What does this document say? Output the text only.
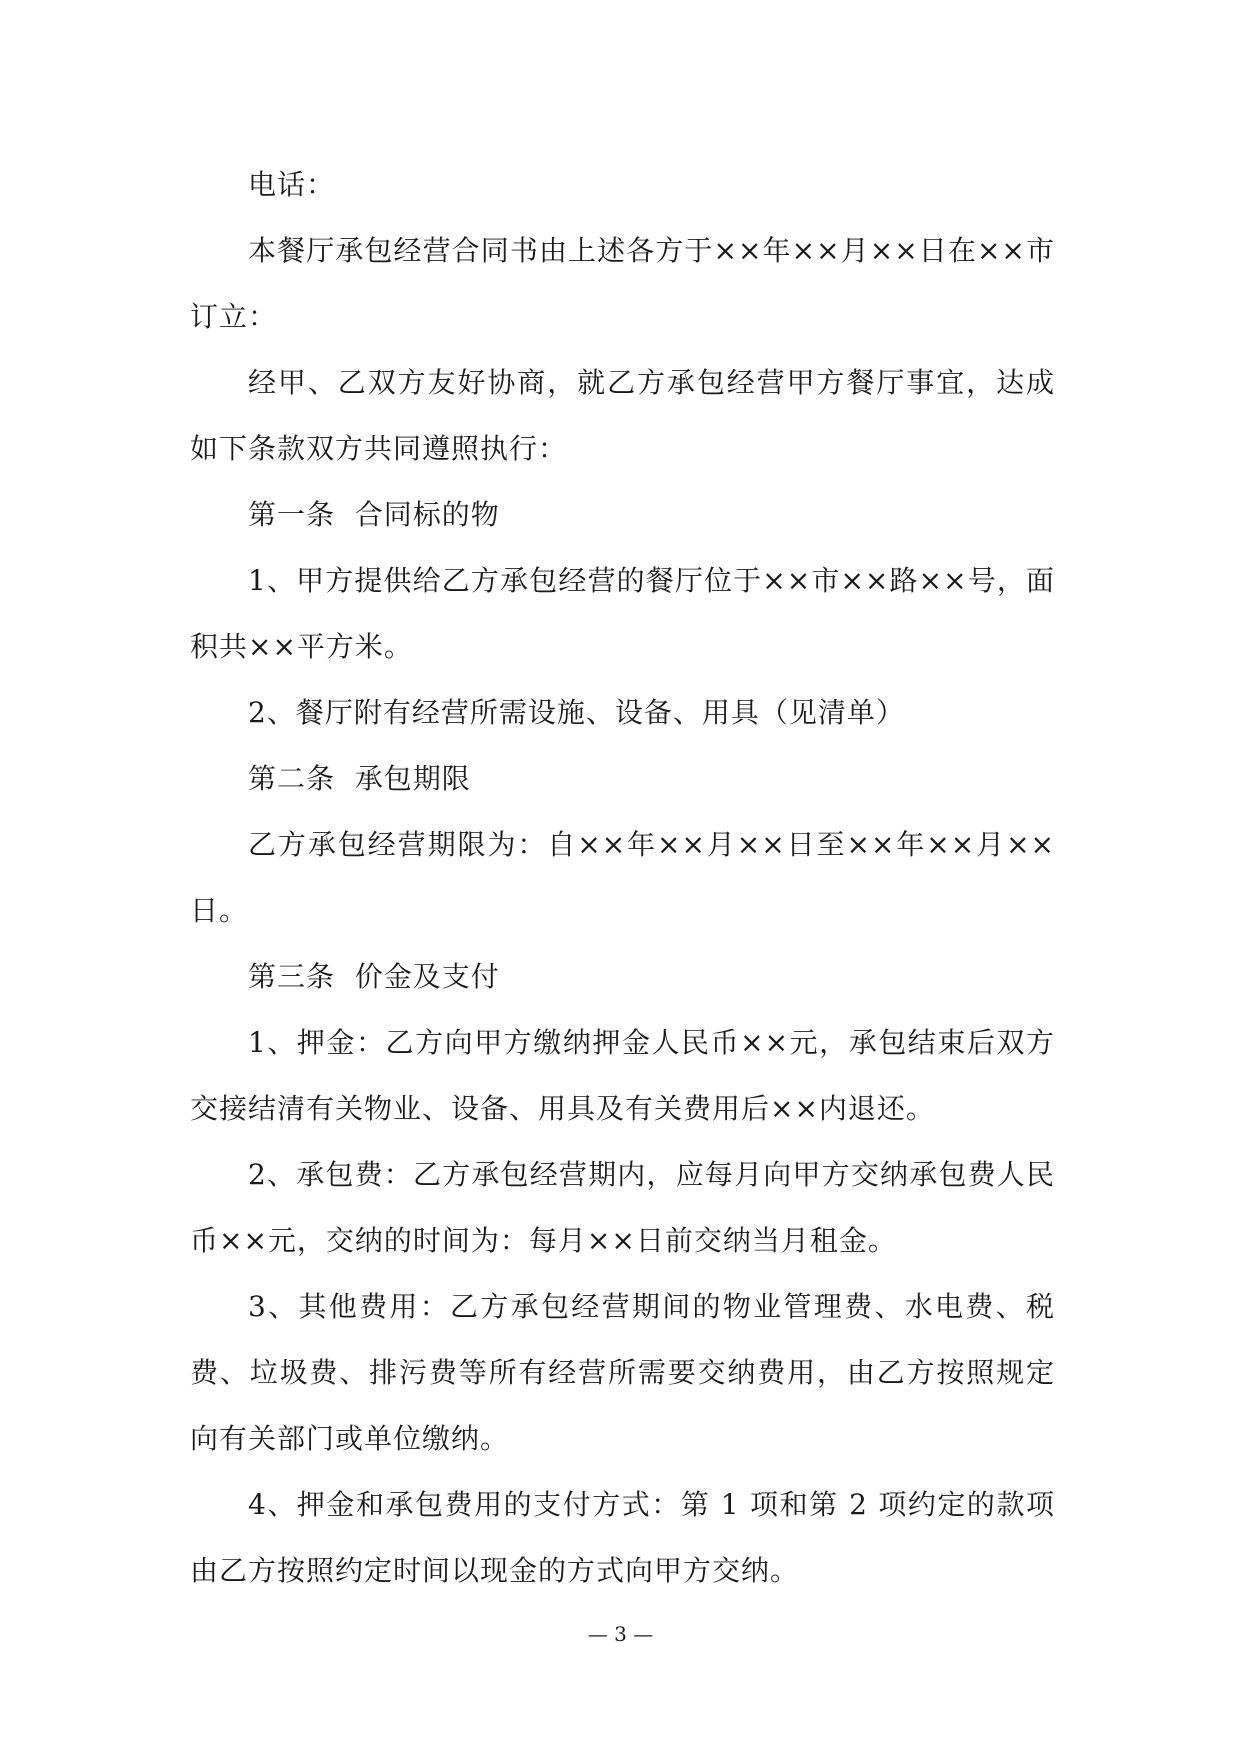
电话：

本餐厅承包经营合同书由上述各方于××年××月××日在××市订立：

经甲、乙双方友好协商，就乙方承包经营甲方餐厅事宜，达成如下条款双方共同遵照执行：

第一条  合同标的物

1、甲方提供给乙方承包经营的餐厅位于××市××路××号，面积共××平方米。

2、餐厅附有经营所需设施、设备、用具（见清单）

第二条  承包期限

乙方承包经营期限为：自××年××月××日至××年××月××日。

第三条  价金及支付

1、押金：乙方向甲方缴纳押金人民币××元，承包结束后双方交接结清有关物业、设备、用具及有关费用后××内退还。

2、承包费：乙方承包经营期内，应每月向甲方交纳承包费人民币××元，交纳的时间为：每月××日前交纳当月租金。

3、其他费用：乙方承包经营期间的物业管理费、水电费、税费、垃圾费、排污费等所有经营所需要交纳费用，由乙方按照规定向有关部门或单位缴纳。

4、押金和承包费用的支付方式：第 1 项和第 2 项约定的款项由乙方按照约定时间以现金的方式向甲方交纳。

— 3 —
